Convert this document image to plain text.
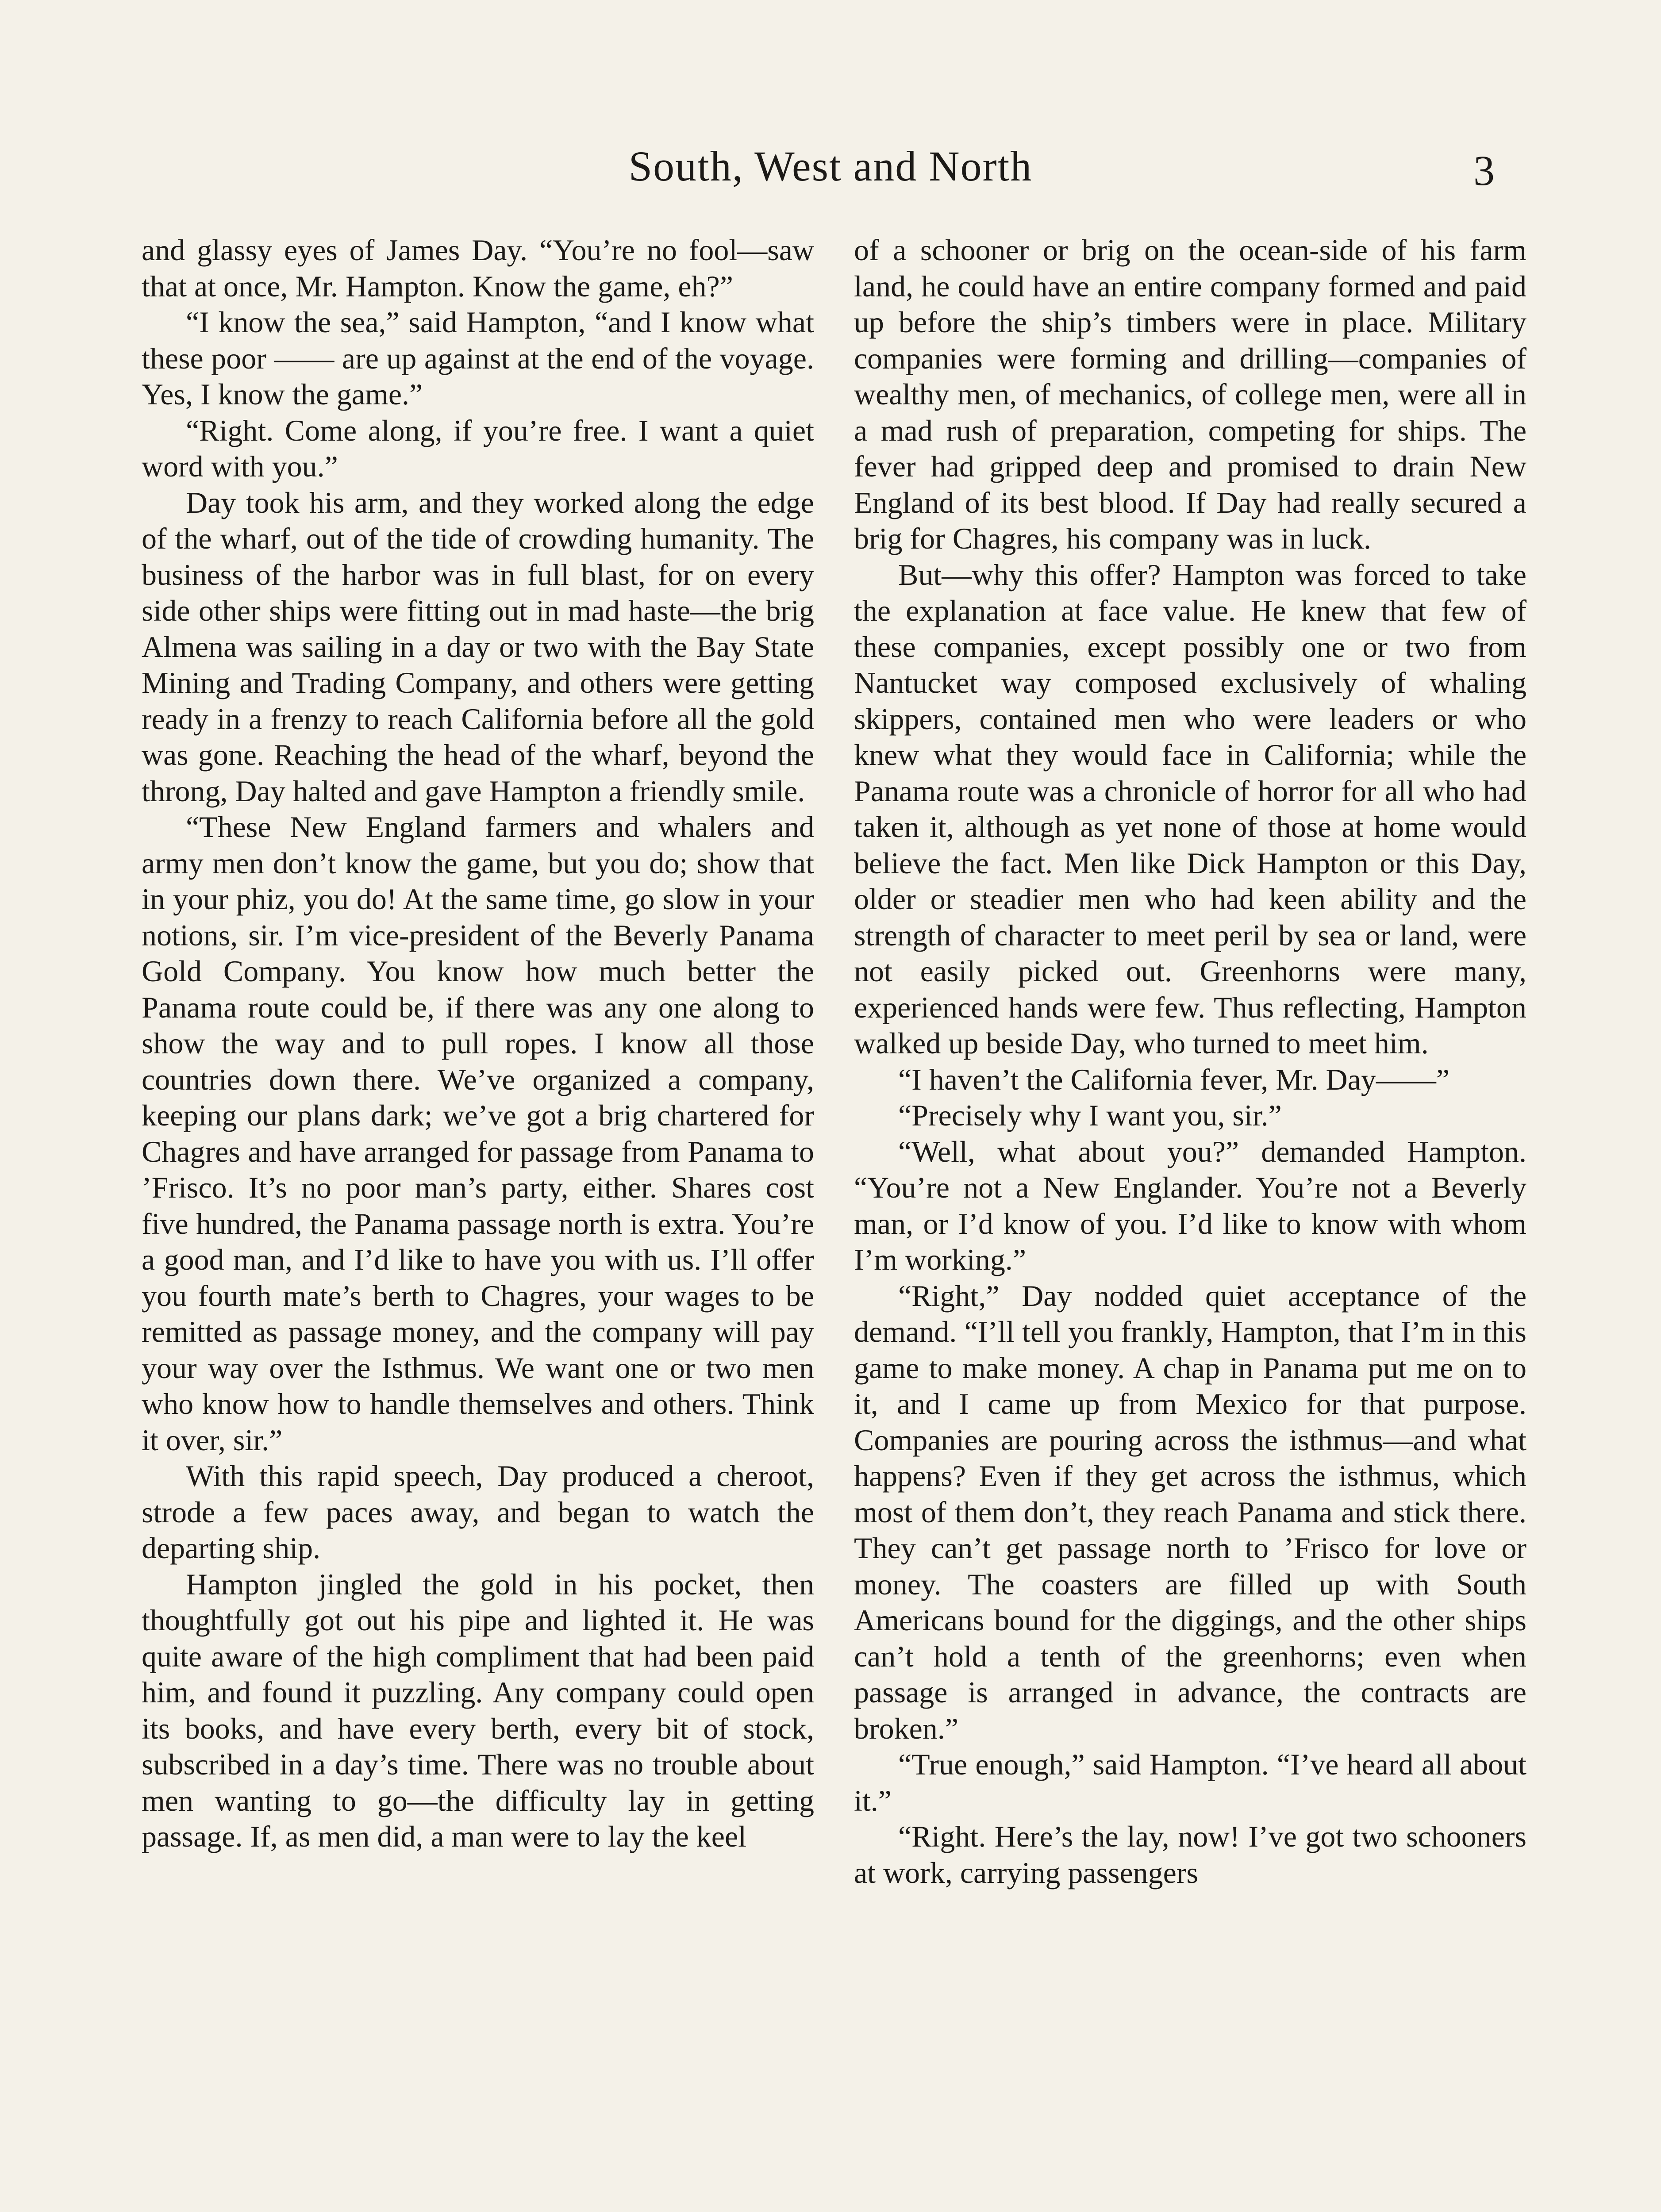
South, West and North	3

and glassy eyes of James Day. “You’re no fool—saw that at once, Mr. Hampton. Know the game, eh?”

“I know the sea,” said Hampton, “and I know what these poor —— are up against at the end of the voyage. Yes, I know the game.”

“Right. Come along, if you’re free. I want a quiet word with you.”

Day took his arm, and they worked along the edge of the wharf, out of the tide of crowding humanity. The business of the harbor was in full blast, for on every side other ships were fitting out in mad haste—the brig Almena was sailing in a day or two with the Bay State Mining and Trading Company, and others were getting ready in a frenzy to reach California before all the gold was gone. Reaching the head of the wharf, beyond the throng, Day halted and gave Hampton a friendly smile.

“These New England farmers and whalers and army men don’t know the game, but you do; show that in your phiz, you do! At the same time, go slow in your notions, sir. I’m vice-president of the Beverly Panama Gold Company. You know how much better the Panama route could be, if there was any one along to show the way and to pull ropes. I know all those countries down there. We’ve organized a company, keeping our plans dark; we’ve got a brig chartered for Chagres and have arranged for passage from Panama to ’Frisco. It’s no poor man’s party, either. Shares cost five hundred, the Panama passage north is extra. You’re a good man, and I’d like to have you with us. I’ll offer you fourth mate’s berth to Chagres, your wages to be remitted as passage money, and the company will pay your way over the Isthmus. We want one or two men who know how to handle themselves and others. Think it over, sir.”

With this rapid speech, Day produced a cheroot, strode a few paces away, and began to watch the departing ship.

Hampton jingled the gold in his pocket, then thoughtfully got out his pipe and lighted it. He was quite aware of the high compliment that had been paid him, and found it puzzling. Any company could open its books, and have every berth, every bit of stock, subscribed in a day’s time. There was no trouble about men wanting to go—the difficulty lay in getting passage. If, as men did, a man were to lay the keel

of a schooner or brig on the ocean-side of his farm land, he could have an entire company formed and paid up before the ship’s timbers were in place. Military companies were forming and drilling—companies of wealthy men, of mechanics, of college men, were all in a mad rush of preparation, competing for ships. The fever had gripped deep and promised to drain New England of its best blood. If Day had really secured a brig for Chagres, his company was in luck.

But—why this offer? Hampton was forced to take the explanation at face value. He knew that few of these companies, except possibly one or two from Nantucket way composed exclusively of whaling skippers, contained men who were leaders or who knew what they would face in California; while the Panama route was a chronicle of horror for all who had taken it, although as yet none of those at home would believe the fact. Men like Dick Hampton or this Day, older or steadier men who had keen ability and the strength of character to meet peril by sea or land, were not easily picked out. Greenhorns were many, experienced hands were few. Thus reflecting, Hampton walked up beside Day, who turned to meet him.

“I haven’t the California fever, Mr. Day——”

“Precisely why I want you, sir.”

“Well, what about you?” demanded Hampton. “You’re not a New Englander. You’re not a Beverly man, or I’d know of you. I’d like to know with whom I’m working.”

“Right,” Day nodded quiet acceptance of the demand. “I’ll tell you frankly, Hampton, that I’m in this game to make money. A chap in Panama put me on to it, and I came up from Mexico for that purpose. Companies are pouring across the isthmus—and what happens? Even if they get across the isthmus, which most of them don’t, they reach Panama and stick there. They can’t get passage north to ’Frisco for love or money. The coasters are filled up with South Americans bound for the diggings, and the other ships can’t hold a tenth of the greenhorns; even when passage is arranged in advance, the contracts are broken.”

“True enough,” said Hampton. “I’ve heard all about it.”

“Right. Here’s the lay, now! I’ve got two schooners at work, carrying passengers
